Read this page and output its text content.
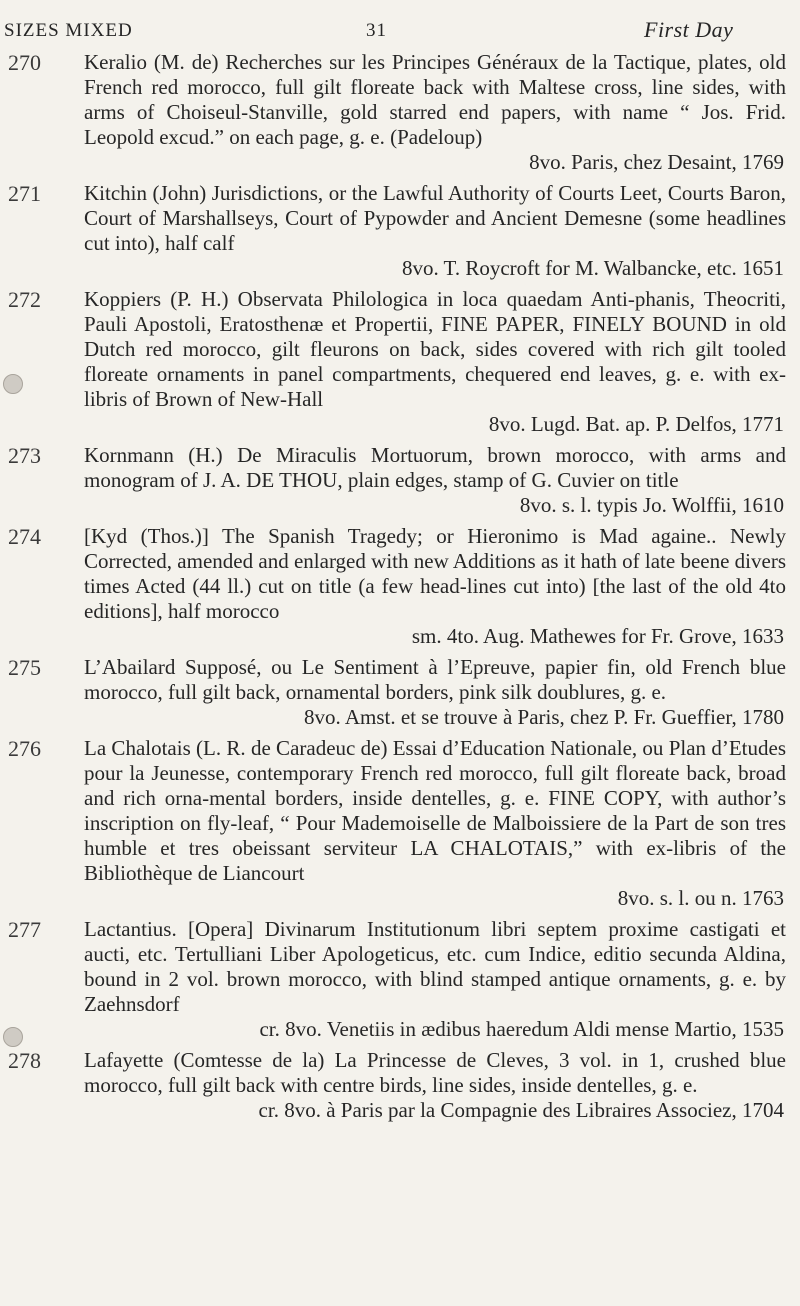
SIZES MIXED	31	First Day
270 Keralio (M. de) Recherches sur les Principes Généraux de la Tactique, plates, old French red morocco, full gilt floreate back with Maltese cross, line sides, with arms of Choiseul-Stanville, gold starred end papers, with name “ Jos. Frid. Leopold excud.” on each page, g. e. (Padeloup)
8vo. Paris, chez Desaint, 1769
271 Kitchin (John) Jurisdictions, or the Lawful Authority of Courts Leet, Courts Baron, Court of Marshallseys, Court of Pypowder and Ancient Demesne (some headlines cut into), half calf
8vo. T. Roycroft for M. Walbancke, etc. 1651
272 Koppiers (P. H.) Observata Philologica in loca quaedam Anti-phanis, Theocriti, Pauli Apostoli, Eratosthenæ et Propertii, FINE PAPER, FINELY BOUND in old Dutch red morocco, gilt fleurons on back, sides covered with rich gilt tooled floreate ornaments in panel compartments, chequered end leaves, g. e. with ex-libris of Brown of New-Hall
8vo. Lugd. Bat. ap. P. Delfos, 1771
273 Kornmann (H.) De Miraculis Mortuorum, brown morocco, with arms and monogram of J. A. DE THOU, plain edges, stamp of G. Cuvier on title
8vo. s. l. typis Jo. Wolffii, 1610
274 [Kyd (Thos.)] The Spanish Tragedy; or Hieronimo is Mad againe.. Newly Corrected, amended and enlarged with new Additions as it hath of late beene divers times Acted (44 ll.) cut on title (a few head-lines cut into) [the last of the old 4to editions], half morocco
sm. 4to. Aug. Mathewes for Fr. Grove, 1633
275 L’Abailard Supposé, ou Le Sentiment à l’Epreuve, papier fin, old French blue morocco, full gilt back, ornamental borders, pink silk doublures, g. e.
8vo. Amst. et se trouve à Paris, chez P. Fr. Gueffier, 1780
276 La Chalotais (L. R. de Caradeuc de) Essai d’Education Nationale, ou Plan d’Etudes pour la Jeunesse, contemporary French red morocco, full gilt floreate back, broad and rich orna-mental borders, inside dentelles, g. e. FINE COPY, with author’s inscription on fly-leaf, “ Pour Mademoiselle de Malboissiere de la Part de son tres humble et tres obeissant serviteur LA CHALOTAIS,” with ex-libris of the Bibliothèque de Liancourt
8vo. s. l. ou n. 1763
277 Lactantius. [Opera] Divinarum Institutionum libri septem proxime castigati et aucti, etc. Tertulliani Liber Apologeticus, etc. cum Indice, editio secunda Aldina, bound in 2 vol. brown morocco, with blind stamped antique ornaments, g. e. by Zaehnsdorf
cr. 8vo. Venetiis in ædibus haeredum Aldi mense Martio, 1535
278 Lafayette (Comtesse de la) La Princesse de Cleves, 3 vol. in 1, crushed blue morocco, full gilt back with centre birds, line sides, inside dentelles, g. e.
cr. 8vo. à Paris par la Compagnie des Libraires Associez, 1704
